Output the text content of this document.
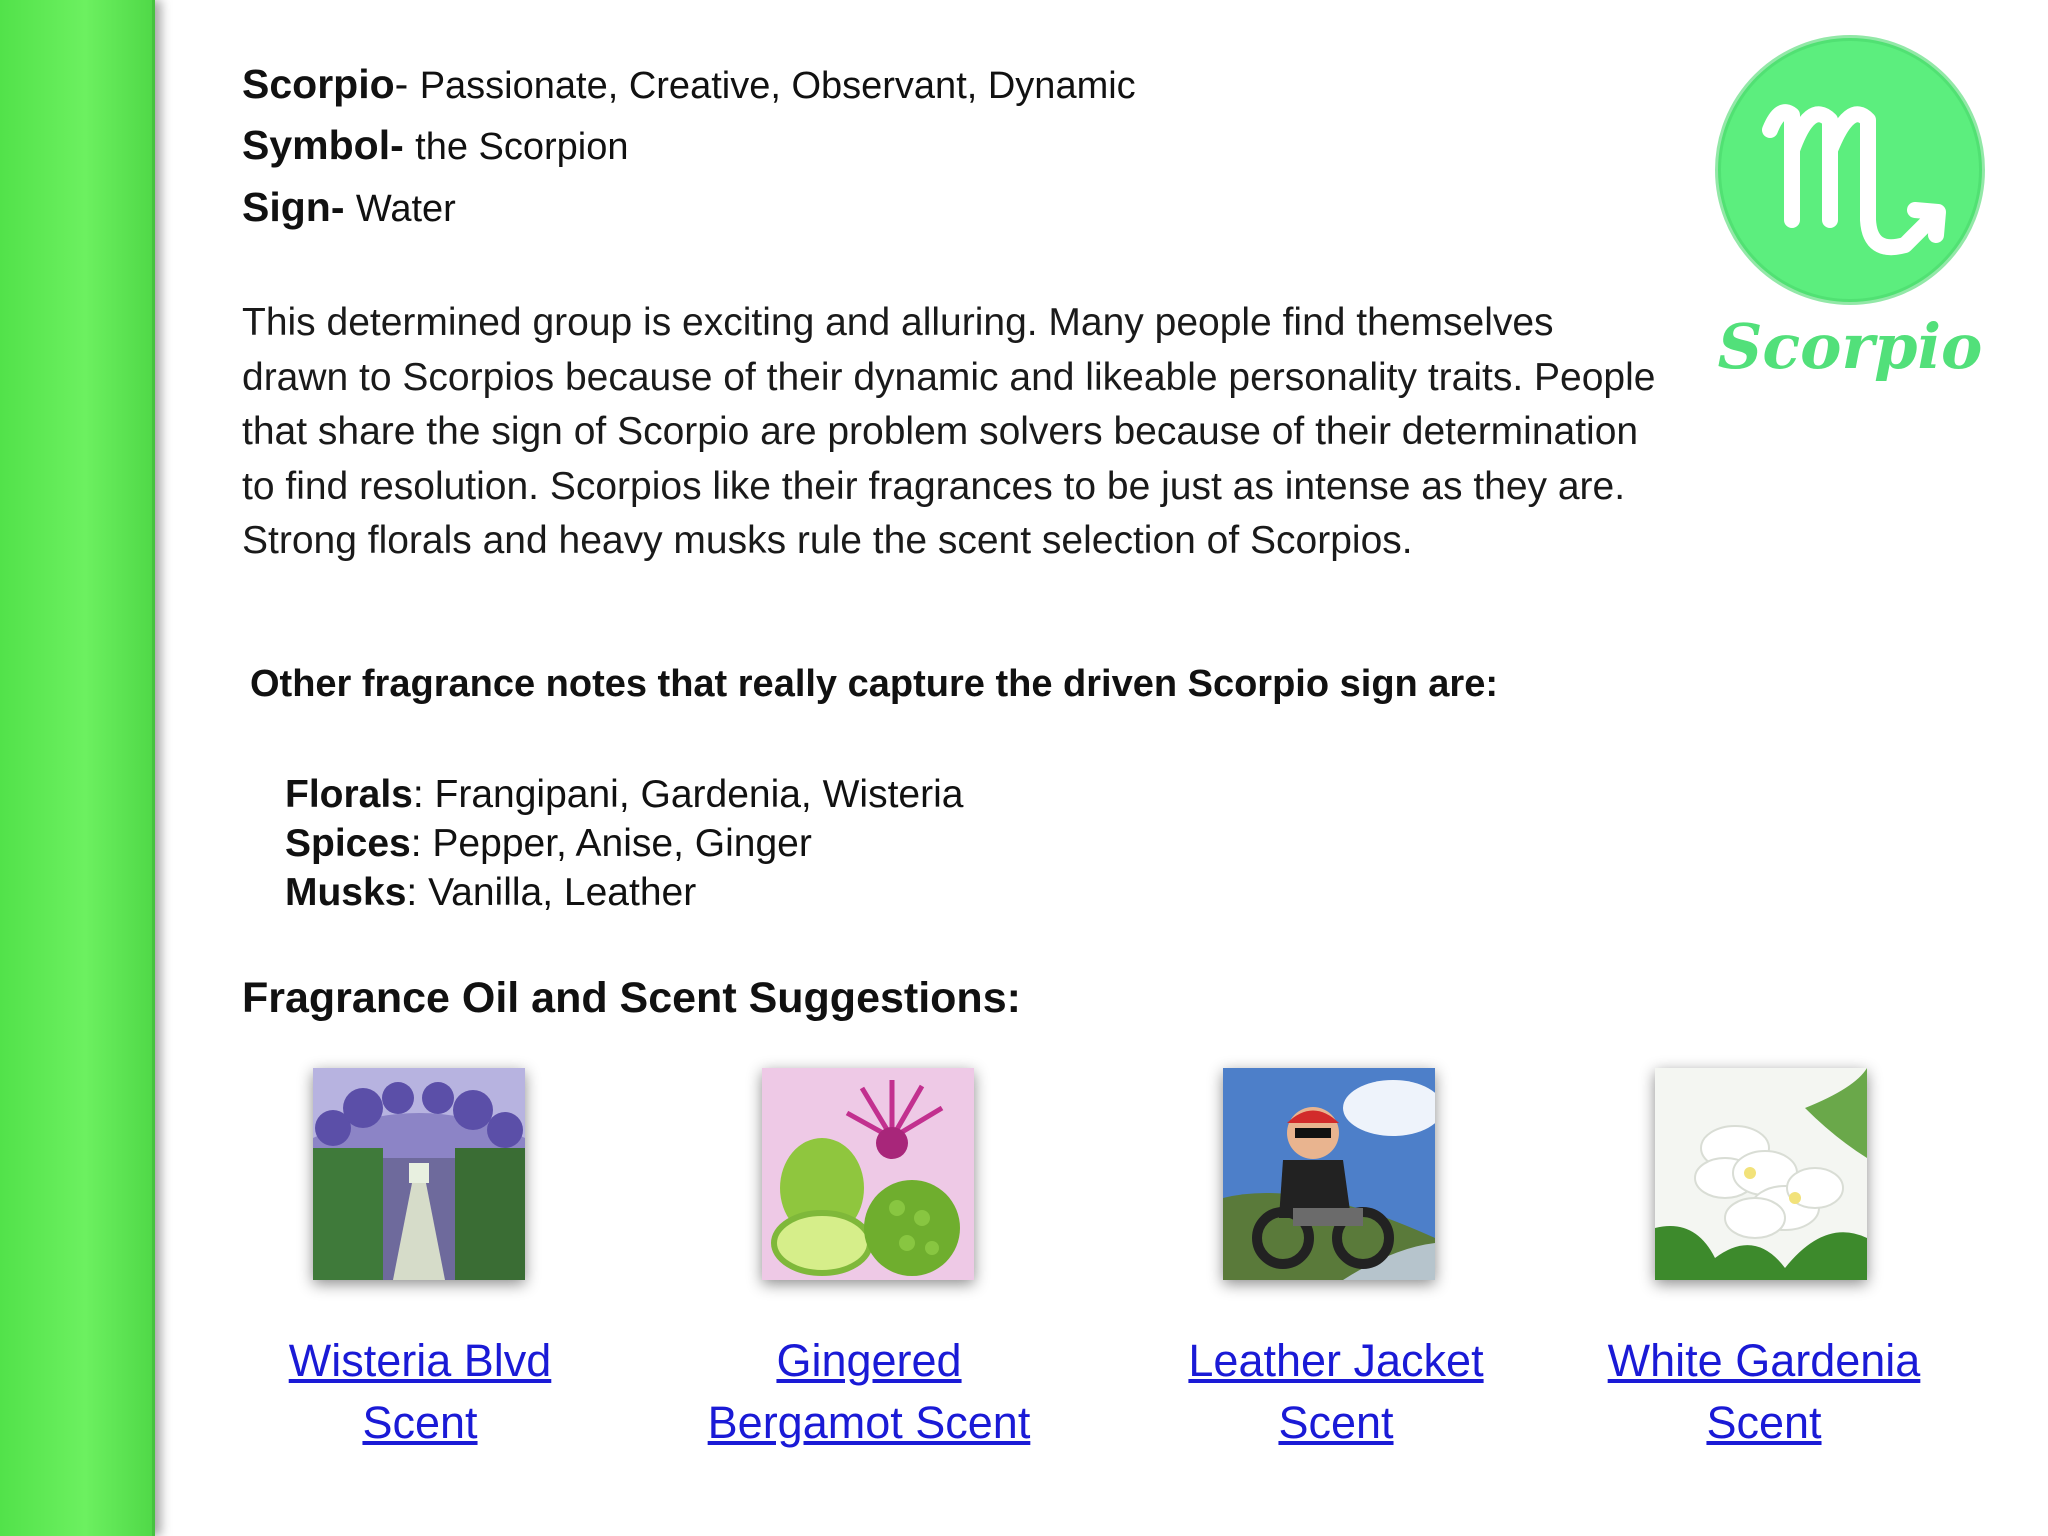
Scorpio- Passionate, Creative, Observant, Dynamic
Symbol- the Scorpion
Sign- Water
This determined group is exciting and alluring. Many people find themselves drawn to Scorpios because of their dynamic and likeable personality traits. People that share the sign of Scorpio are problem solvers because of their determination to find resolution. Scorpios like their fragrances to be just as intense as they are. Strong florals and heavy musks rule the scent selection of Scorpios.
Other fragrance notes that really capture the driven Scorpio sign are:
Florals: Frangipani, Gardenia, Wisteria
Spices: Pepper, Anise, Ginger
Musks: Vanilla, Leather
Fragrance Oil and Scent Suggestions:
Wisteria Blvd
Scent
Gingered
Bergamot Scent
Leather Jacket
Scent
White Gardenia
Scent
Scorpio
